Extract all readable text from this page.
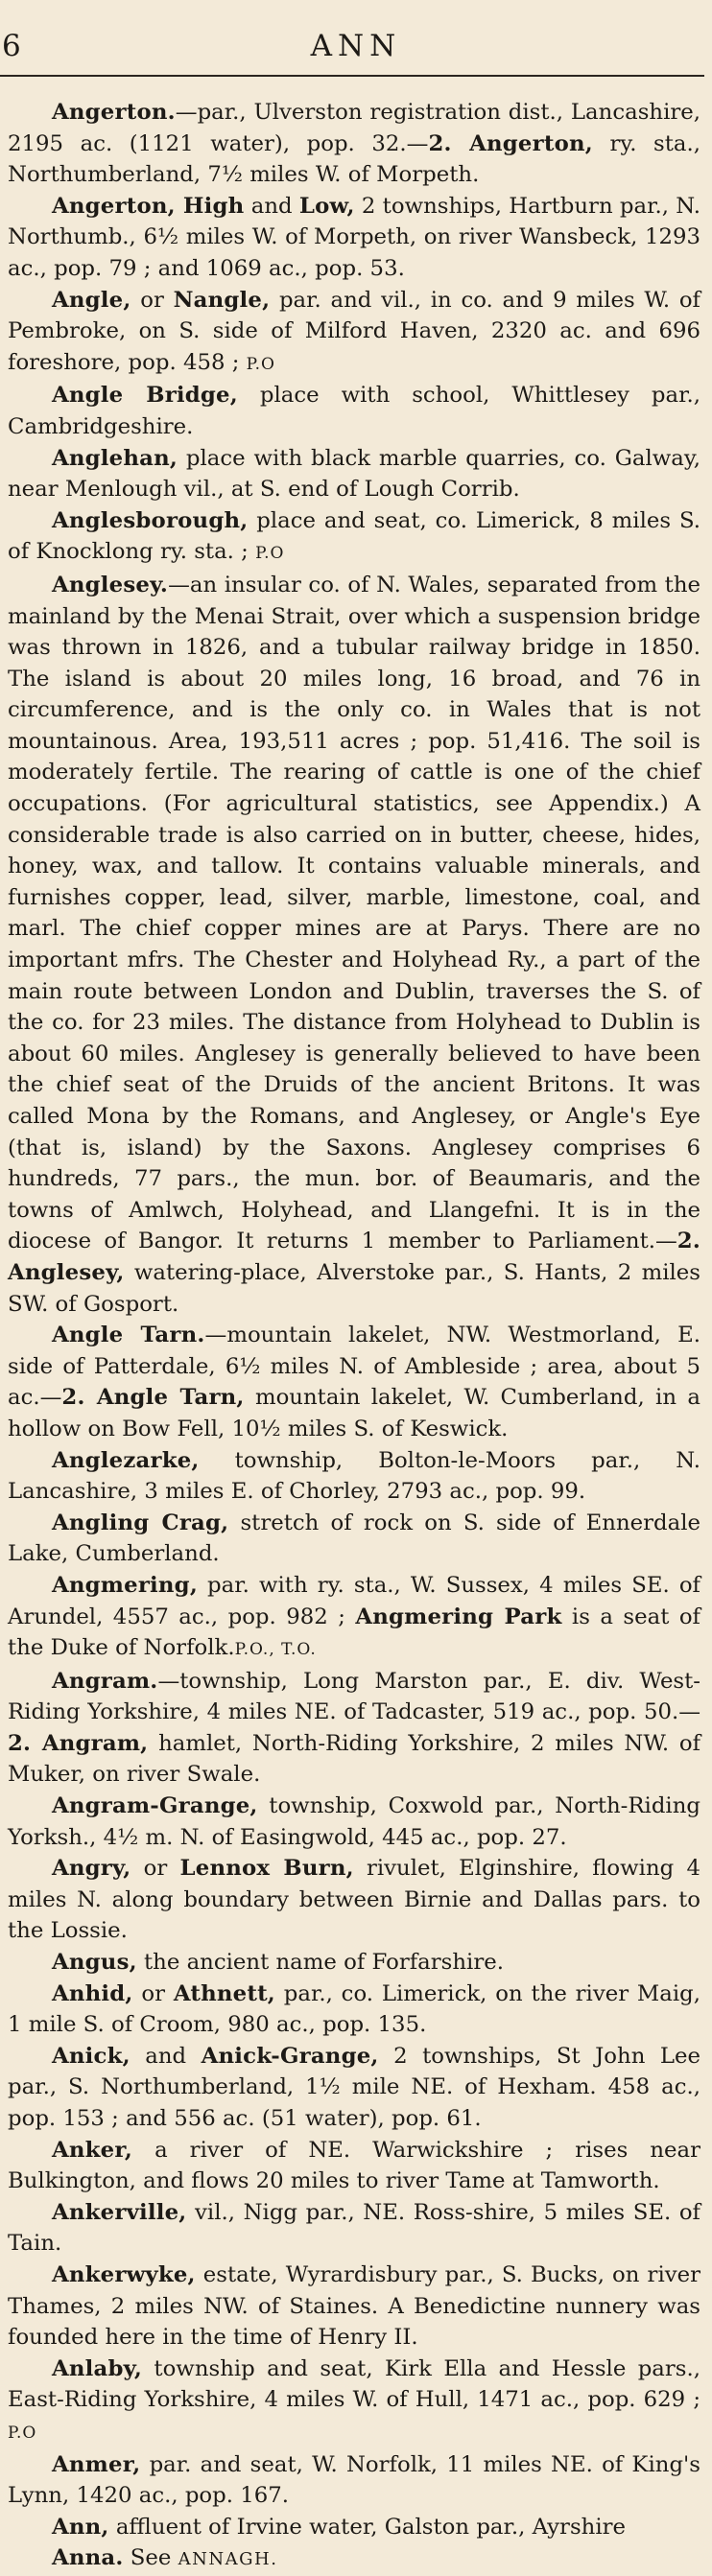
6	ANN

Angerton.—par., Ulverston registration dist., Lancashire, 2195 ac. (1121 water), pop. 32.—2. Angerton, ry. sta., Northumberland, 7½ miles W. of Morpeth.

Angerton, High and Low, 2 townships, Hartburn par., N. Northumb., 6½ miles W. of Morpeth, on river Wansbeck, 1293 ac., pop. 79 ; and 1069 ac., pop. 53.

Angle, or Nangle, par. and vil., in co. and 9 miles W. of Pembroke, on S. side of Milford Haven, 2320 ac. and 696 foreshore, pop. 458 ; P.O

Angle Bridge, place with school, Whittlesey par., Cambridgeshire.

Anglehan, place with black marble quarries, co. Galway, near Menlough vil., at S. end of Lough Corrib.

Anglesborough, place and seat, co. Limerick, 8 miles S. of Knocklong ry. sta. ; P.O

Anglesey.—an insular co. of N. Wales, separated from the mainland by the Menai Strait, over which a suspension bridge was thrown in 1826, and a tubular railway bridge in 1850. The island is about 20 miles long, 16 broad, and 76 in circumference, and is the only co. in Wales that is not mountainous. Area, 193,511 acres ; pop. 51,416. The soil is moderately fertile. The rearing of cattle is one of the chief occupations. (For agricultural statistics, see Appendix.) A considerable trade is also carried on in butter, cheese, hides, honey, wax, and tallow. It contains valuable minerals, and furnishes copper, lead, silver, marble, limestone, coal, and marl. The chief copper mines are at Parys. There are no important mfrs. The Chester and Holyhead Ry., a part of the main route between London and Dublin, traverses the S. of the co. for 23 miles. The distance from Holyhead to Dublin is about 60 miles. Anglesey is generally believed to have been the chief seat of the Druids of the ancient Britons. It was called Mona by the Romans, and Anglesey, or Angle's Eye (that is, island) by the Saxons. Anglesey comprises 6 hundreds, 77 pars., the mun. bor. of Beaumaris, and the towns of Amlwch, Holyhead, and Llangefni. It is in the diocese of Bangor. It returns 1 member to Parliament.—2. Anglesey, watering-place, Alverstoke par., S. Hants, 2 miles SW. of Gosport.

Angle Tarn.—mountain lakelet, NW. Westmorland, E. side of Patterdale, 6½ miles N. of Ambleside ; area, about 5 ac.—2. Angle Tarn, mountain lakelet, W. Cumberland, in a hollow on Bow Fell, 10½ miles S. of Keswick.

Anglezarke, township, Bolton-le-Moors par., N. Lancashire, 3 miles E. of Chorley, 2793 ac., pop. 99.

Angling Crag, stretch of rock on S. side of Ennerdale Lake, Cumberland.

Angmering, par. with ry. sta., W. Sussex, 4 miles SE. of Arundel, 4557 ac., pop. 982 ; Angmering Park is a seat of the Duke of Norfolk.P.O., T.O.

Angram.—township, Long Marston par., E. div. West-Riding Yorkshire, 4 miles NE. of Tadcaster, 519 ac., pop. 50.—2. Angram, hamlet, North-Riding Yorkshire, 2 miles NW. of Muker, on river Swale.

Angram-Grange, township, Coxwold par., North-Riding Yorksh., 4½ m. N. of Easingwold, 445 ac., pop. 27.

Angry, or Lennox Burn, rivulet, Elginshire, flowing 4 miles N. along boundary between Birnie and Dallas pars. to the Lossie.

Angus, the ancient name of Forfarshire.

Anhid, or Athnett, par., co. Limerick, on the river Maig, 1 mile S. of Croom, 980 ac., pop. 135.

Anick, and Anick-Grange, 2 townships, St John Lee par., S. Northumberland, 1½ mile NE. of Hexham. 458 ac., pop. 153 ; and 556 ac. (51 water), pop. 61.

Anker, a river of NE. Warwickshire ; rises near Bulkington, and flows 20 miles to river Tame at Tamworth.

Ankerville, vil., Nigg par., NE. Ross-shire, 5 miles SE. of Tain.

Ankerwyke, estate, Wyrardisbury par., S. Bucks, on river Thames, 2 miles NW. of Staines. A Benedictine nunnery was founded here in the time of Henry II.

Anlaby, township and seat, Kirk Ella and Hessle pars., East-Riding Yorkshire, 4 miles W. of Hull, 1471 ac., pop. 629 ; P.O

Anmer, par. and seat, W. Norfolk, 11 miles NE. of King's Lynn, 1420 ac., pop. 167.

Ann, affluent of Irvine water, Galston par., Ayrshire

Anna. See ANNAGH.
